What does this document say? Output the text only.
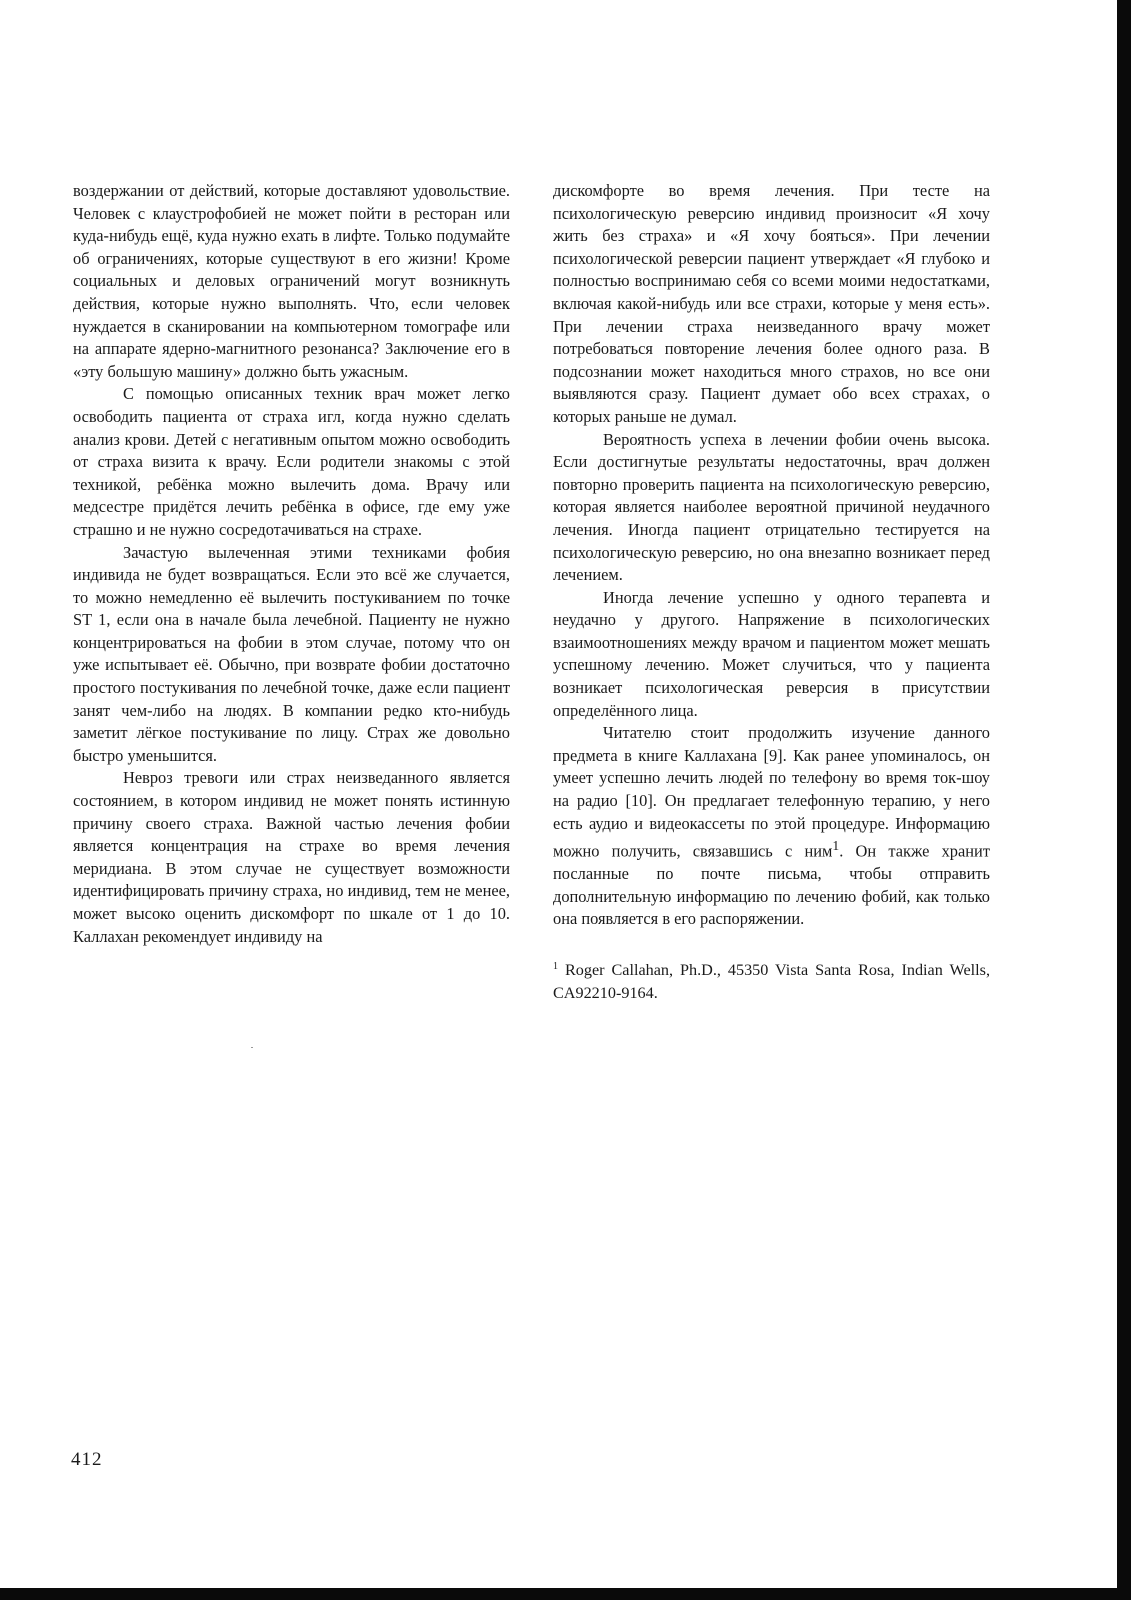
воздержании от действий, которые доставляют удовольствие. Человек с клаустрофобией не может пойти в ресторан или куда-нибудь ещё, куда нужно ехать в лифте. Только подумайте об ограничениях, которые существуют в его жизни! Кроме социальных и деловых ограничений могут возникнуть действия, которые нужно выполнять. Что, если человек нуждается в сканировании на компьютерном томографе или на аппарате ядерно-магнитного резонанса? Заключение его в «эту большую машину» должно быть ужасным.

С помощью описанных техник врач может легко освободить пациента от страха игл, когда нужно сделать анализ крови. Детей с негативным опытом можно освободить от страха визита к врачу. Если родители знакомы с этой техникой, ребёнка можно вылечить дома. Врачу или медсестре придётся лечить ребёнка в офисе, где ему уже страшно и не нужно сосредотачиваться на страхе.

Зачастую вылеченная этими техниками фобия индивида не будет возвращаться. Если это всё же случается, то можно немедленно её вылечить постукиванием по точке ST 1, если она в начале была лечебной. Пациенту не нужно концентрироваться на фобии в этом случае, потому что он уже испытывает её. Обычно, при возврате фобии достаточно простого постукивания по лечебной точке, даже если пациент занят чем-либо на людях. В компании редко кто-нибудь заметит лёгкое постукивание по лицу. Страх же довольно быстро уменьшится.

Невроз тревоги или страх неизведанного является состоянием, в котором индивид не может понять истинную причину своего страха. Важной частью лечения фобии является концентрация на страхе во время лечения меридиана. В этом случае не существует возможности идентифицировать причину страха, но индивид, тем не менее, может высоко оценить дискомфорт по шкале от 1 до 10. Каллахан рекомендует индивиду на

дискомфорте во время лечения. При тесте на психологическую реверсию индивид произносит «Я хочу жить без страха» и «Я хочу бояться». При лечении психологической реверсии пациент утверждает «Я глубоко и полностью воспринимаю себя со всеми моими недостатками, включая какой-нибудь или все страхи, которые у меня есть». При лечении страха неизведанного врачу может потребоваться повторение лечения более одного раза. В подсознании может находиться много страхов, но все они выявляются сразу. Пациент думает обо всех страхах, о которых раньше не думал.

Вероятность успеха в лечении фобии очень высока. Если достигнутые результаты недостаточны, врач должен повторно проверить пациента на психологическую реверсию, которая является наиболее вероятной причиной неудачного лечения. Иногда пациент отрицательно тестируется на психологическую реверсию, но она внезапно возникает перед лечением.

Иногда лечение успешно у одного терапевта и неудачно у другого. Напряжение в психологических взаимоотношениях между врачом и пациентом может мешать успешному лечению. Может случиться, что у пациента возникает психологическая реверсия в присутствии определённого лица.

Читателю стоит продолжить изучение данного предмета в книге Каллахана [9]. Как ранее упоминалось, он умеет успешно лечить людей по телефону во время ток-шоу на радио [10]. Он предлагает телефонную терапию, у него есть аудио и видеокассеты по этой процедуре. Информацию можно получить, связавшись с ним$^1$. Он также хранит посланные по почте письма, чтобы отправить дополнительную информацию по лечению фобий, как только она появляется в его распоряжении.

$^1$ Roger Callahan, Ph.D., 45350 Vista Santa Rosa, Indian Wells, CA92210-9164.

412
